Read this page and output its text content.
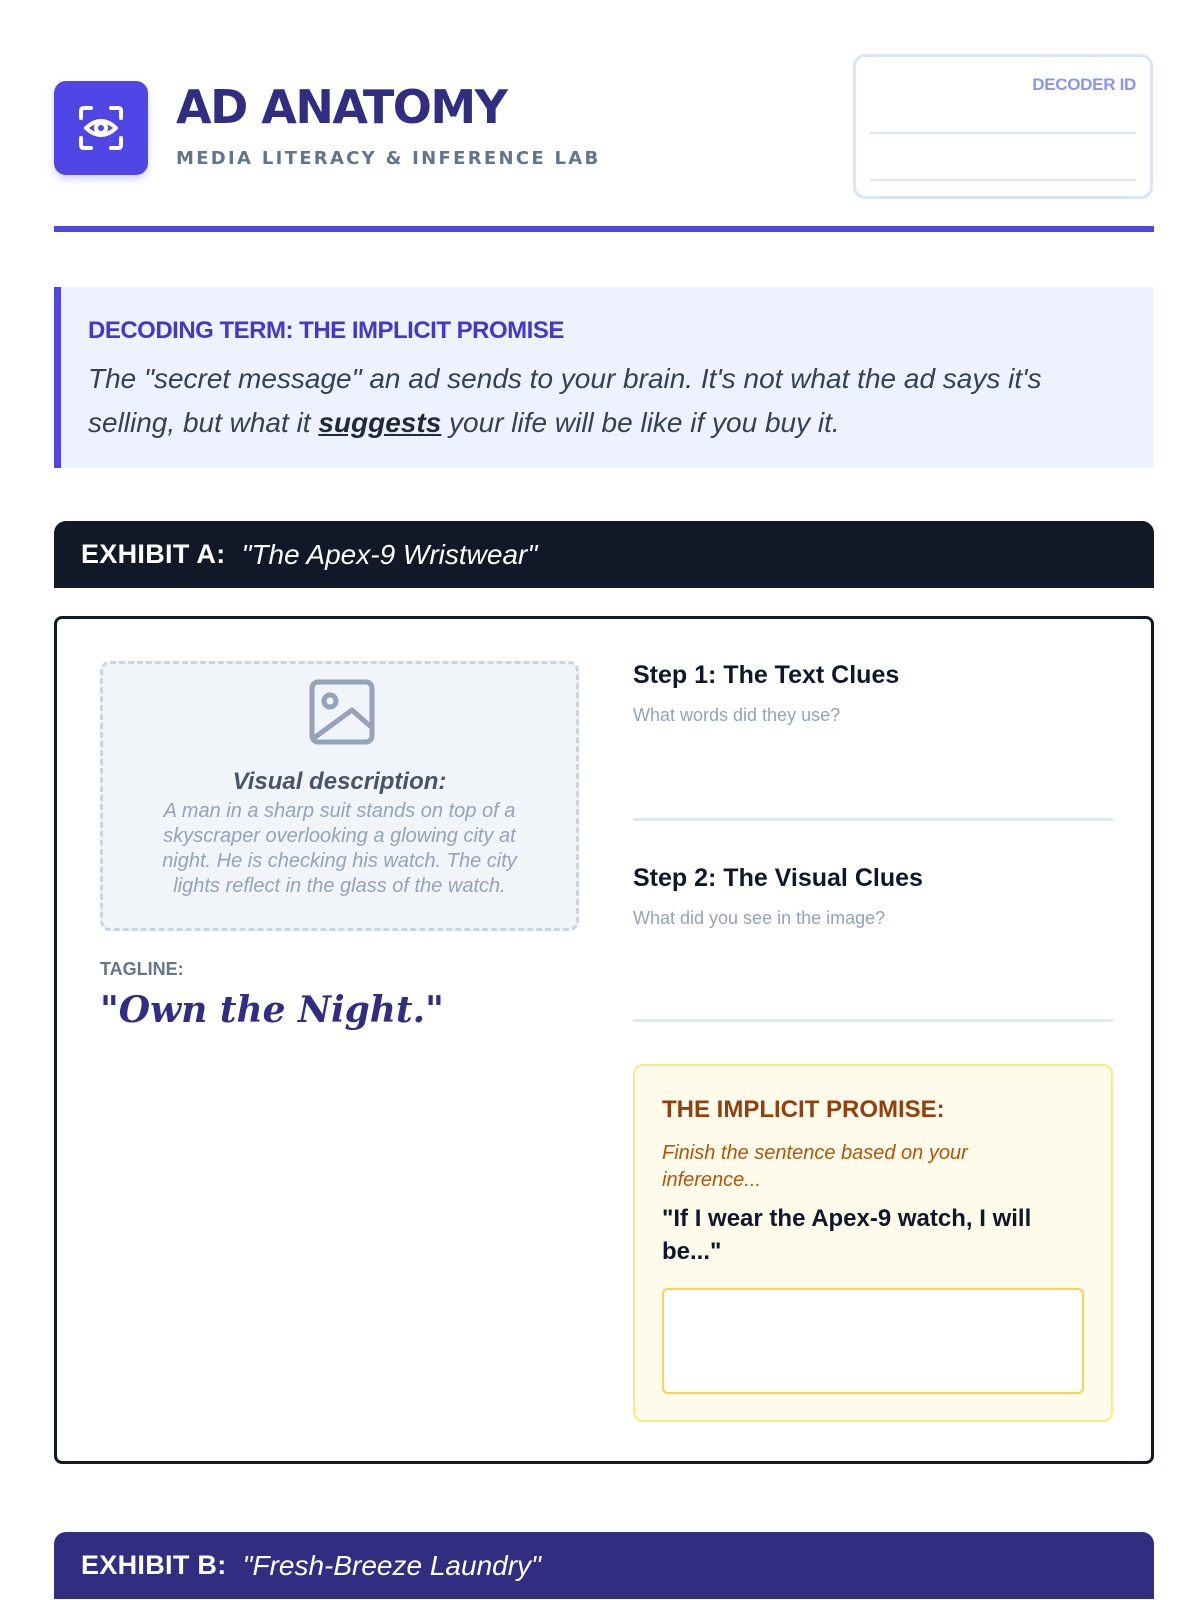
AD ANATOMY
MEDIA LITERACY & INFERENCE LAB
DECODER ID
DECODING TERM: THE IMPLICIT PROMISE
The "secret message" an ad sends to your brain. It's not what the ad says it's selling, but what it suggests your life will be like if you buy it.
EXHIBIT A: "The Apex-9 Wristwear"
Visual description:
A man in a sharp suit stands on top of a skyscraper overlooking a glowing city at night. He is checking his watch. The city lights reflect in the glass of the watch.
TAGLINE:
"Own the Night."
Step 1: The Text Clues
What words did they use?
Step 2: The Visual Clues
What did you see in the image?
THE IMPLICIT PROMISE:
Finish the sentence based on your inference...
"If I wear the Apex-9 watch, I will be..."
EXHIBIT B: "Fresh-Breeze Laundry"
